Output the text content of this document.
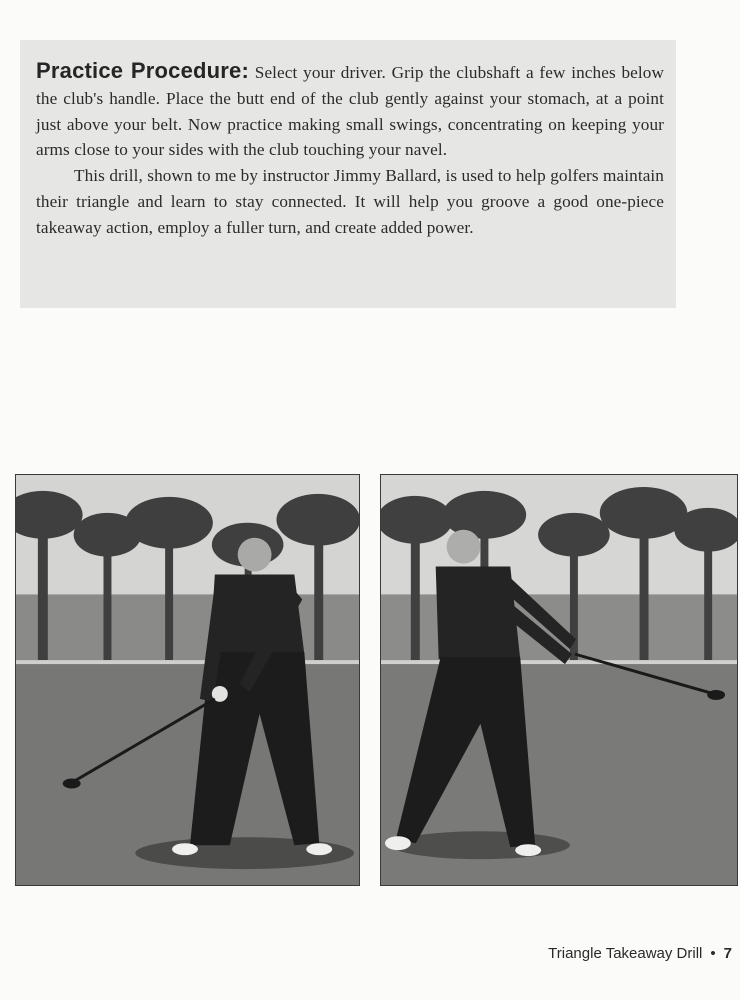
Practice Procedure: Select your driver. Grip the clubshaft a few inches below the club's handle. Place the butt end of the club gently against your stomach, at a point just above your belt. Now practice making small swings, concentrating on keeping your arms close to your sides with the club touching your navel.

This drill, shown to me by instructor Jimmy Ballard, is used to help golfers maintain their triangle and learn to stay connected. It will help you groove a good one-piece takeaway action, employ a fuller turn, and create added power.

Triangle Takeaway Drill • 7
